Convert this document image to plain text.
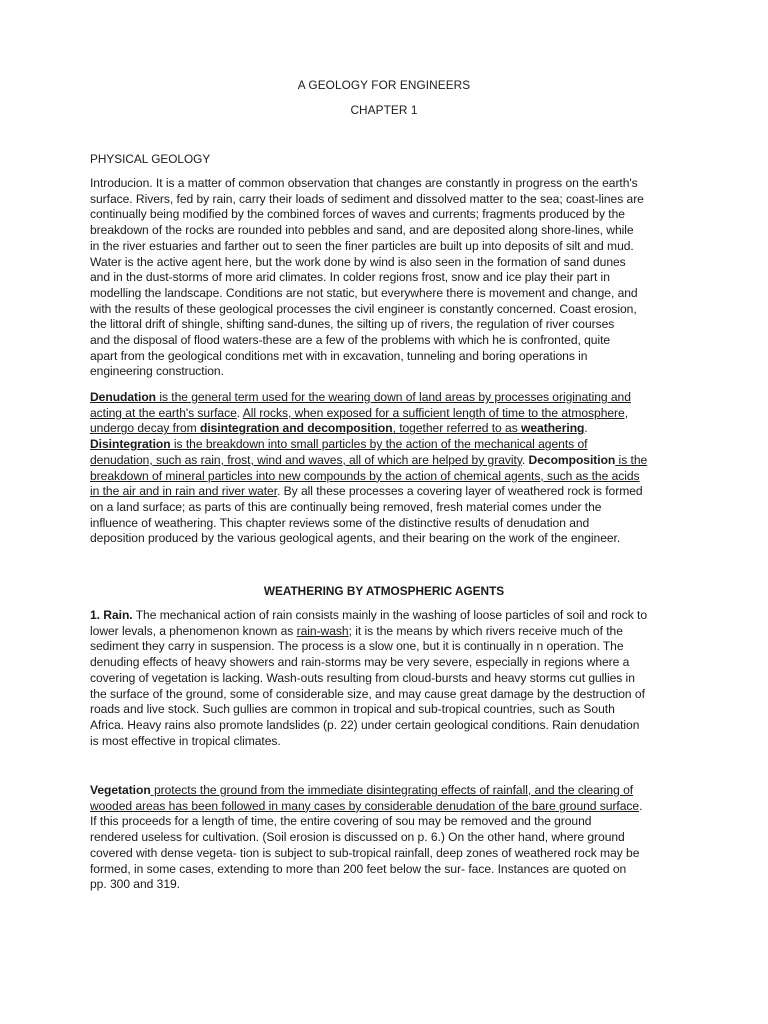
A GEOLOGY FOR ENGINEERS
CHAPTER 1
PHYSICAL GEOLOGY
Introducion. It is a matter of common observation that changes are constantly in progress on the earth's
surface. Rivers, fed by rain, carry their loads of sediment and dissolved matter to the sea; coast-lines are
continually being modified by the combined forces of waves and currents; fragments produced by the
breakdown of the rocks are rounded into pebbles and sand, and are deposited along shore-lines, while
in the river estuaries and farther out to seen the finer particles are built up into deposits of silt and mud.
Water is the active agent here, but the work done by wind is also seen in the formation of sand dunes
and in the dust-storms of more arid climates. In colder regions frost, snow and ice play their part in
modelling the landscape. Conditions are not static, but everywhere there is movement and change, and
with the results of these geological processes the civil engineer is constantly concerned. Coast erosion,
the littoral drift of shingle, shifting sand-dunes, the silting up of rivers, the regulation of river courses
and the disposal of flood waters-these are a few of the problems with which he is confronted, quite
apart from the geological conditions met with in excavation, tunneling and boring operations in
engineering construction.
Denudation is the general term used for the wearing down of land areas by processes originating and
acting at the earth's surface. All rocks, when exposed for a sufficient length of time to the atmosphere,
undergo decay from disintegration and decomposition, together referred to as weathering.
Disintegration is the breakdown into small particles by the action of the mechanical agents of
denudation, such as rain, frost, wind and waves, all of which are helped by gravity. Decomposition is the
breakdown of mineral particles into new compounds by the action of chemical agents, such as the acids
in the air and in rain and river water. By all these processes a covering layer of weathered rock is formed
on a land surface; as parts of this are continually being removed, fresh material comes under the
influence of weathering. This chapter reviews some of the distinctive results of denudation and
deposition produced by the various geological agents, and their bearing on the work of the engineer.
WEATHERING BY ATMOSPHERIC AGENTS
1. Rain. The mechanical action of rain consists mainly in the washing of loose particles of soil and rock to
lower levals, a phenomenon known as rain-wash; it is the means by which rivers receive much of the
sediment they carry in suspension. The process is a slow one, but it is continually in n operation. The
denuding effects of heavy showers and rain-storms may be very severe, especially in regions where a
covering of vegetation is lacking. Wash-outs resulting from cloud-bursts and heavy storms cut gullies in
the surface of the ground, some of considerable size, and may cause great damage by the destruction of
roads and live stock. Such gullies are common in tropical and sub-tropical countries, such as South
Africa. Heavy rains also promote landslides (p. 22) under certain geological conditions. Rain denudation
is most effective in tropical climates.
Vegetation protects the ground from the immediate disintegrating effects of rainfall, and the clearing of
wooded areas has been followed in many cases by considerable denudation of the bare ground surface.
If this proceeds for a length of time, the entire covering of sou may be removed and the ground
rendered useless for cultivation. (Soil erosion is discussed on p. 6.) On the other hand, where ground
covered with dense vegeta- tion is subject to sub-tropical rainfall, deep zones of weathered rock may be
formed, in some cases, extending to more than 200 feet below the sur- face. Instances are quoted on
pp. 300 and 319.
